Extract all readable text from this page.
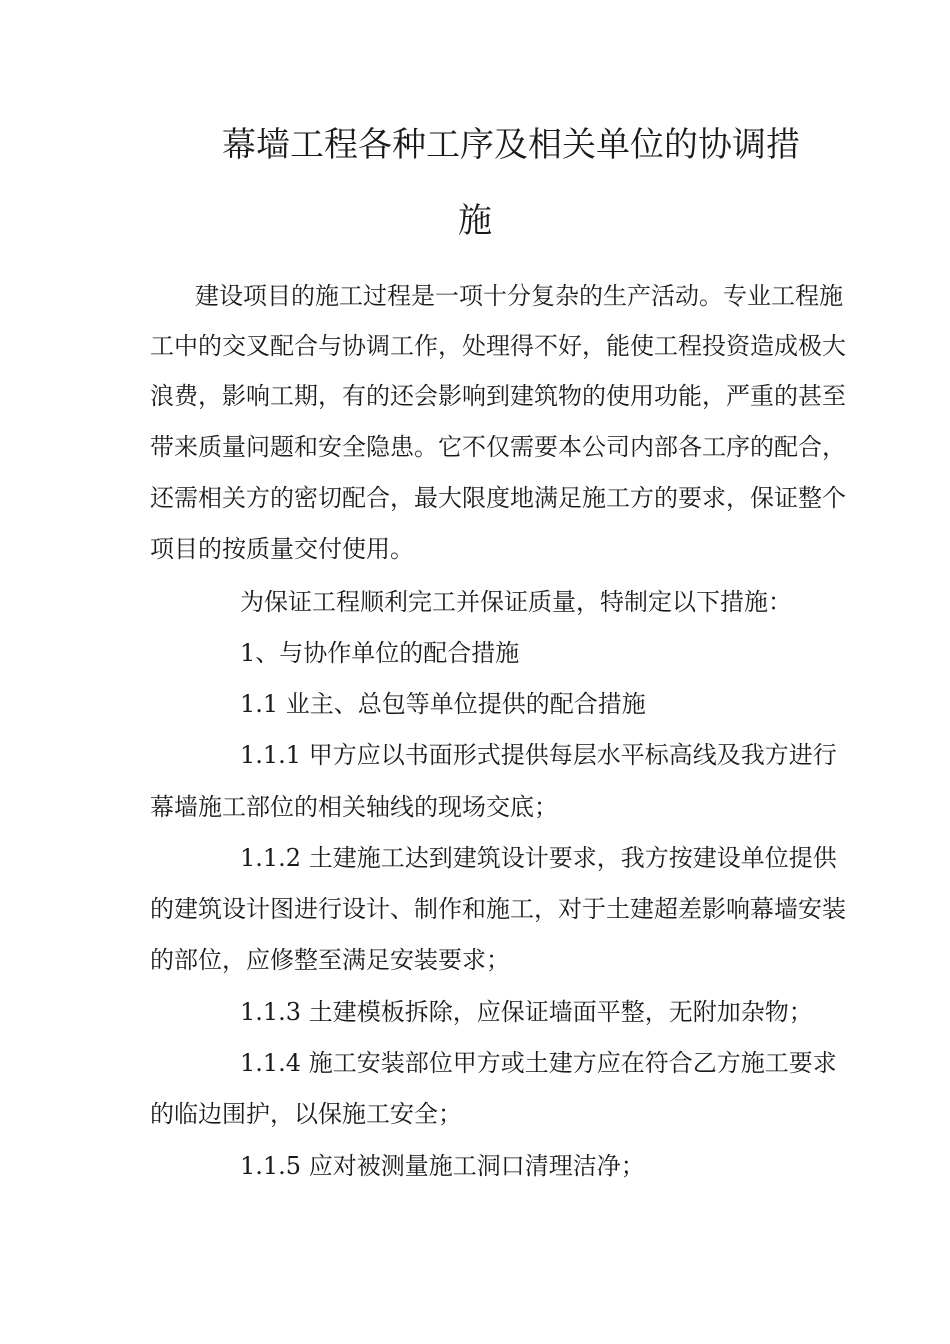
幕墙工程各种工序及相关单位的协调措
施
建设项目的施工过程是一项十分复杂的生产活动。专业工程施
工中的交叉配合与协调工作，处理得不好，能使工程投资造成极大
浪费，影响工期，有的还会影响到建筑物的使用功能，严重的甚至
带来质量问题和安全隐患。它不仅需要本公司内部各工序的配合，
还需相关方的密切配合，最大限度地满足施工方的要求，保证整个
项目的按质量交付使用。
为保证工程顺利完工并保证质量，特制定以下措施：
1、与协作单位的配合措施
1.1 业主、总包等单位提供的配合措施
1.1.1 甲方应以书面形式提供每层水平标高线及我方进行
幕墙施工部位的相关轴线的现场交底；
1.1.2 土建施工达到建筑设计要求，我方按建设单位提供
的建筑设计图进行设计、制作和施工，对于土建超差影响幕墙安装
的部位，应修整至满足安装要求；
1.1.3 土建模板拆除，应保证墙面平整，无附加杂物；
1.1.4 施工安装部位甲方或土建方应在符合乙方施工要求
的临边围护，以保施工安全；
1.1.5 应对被测量施工洞口清理洁净；
